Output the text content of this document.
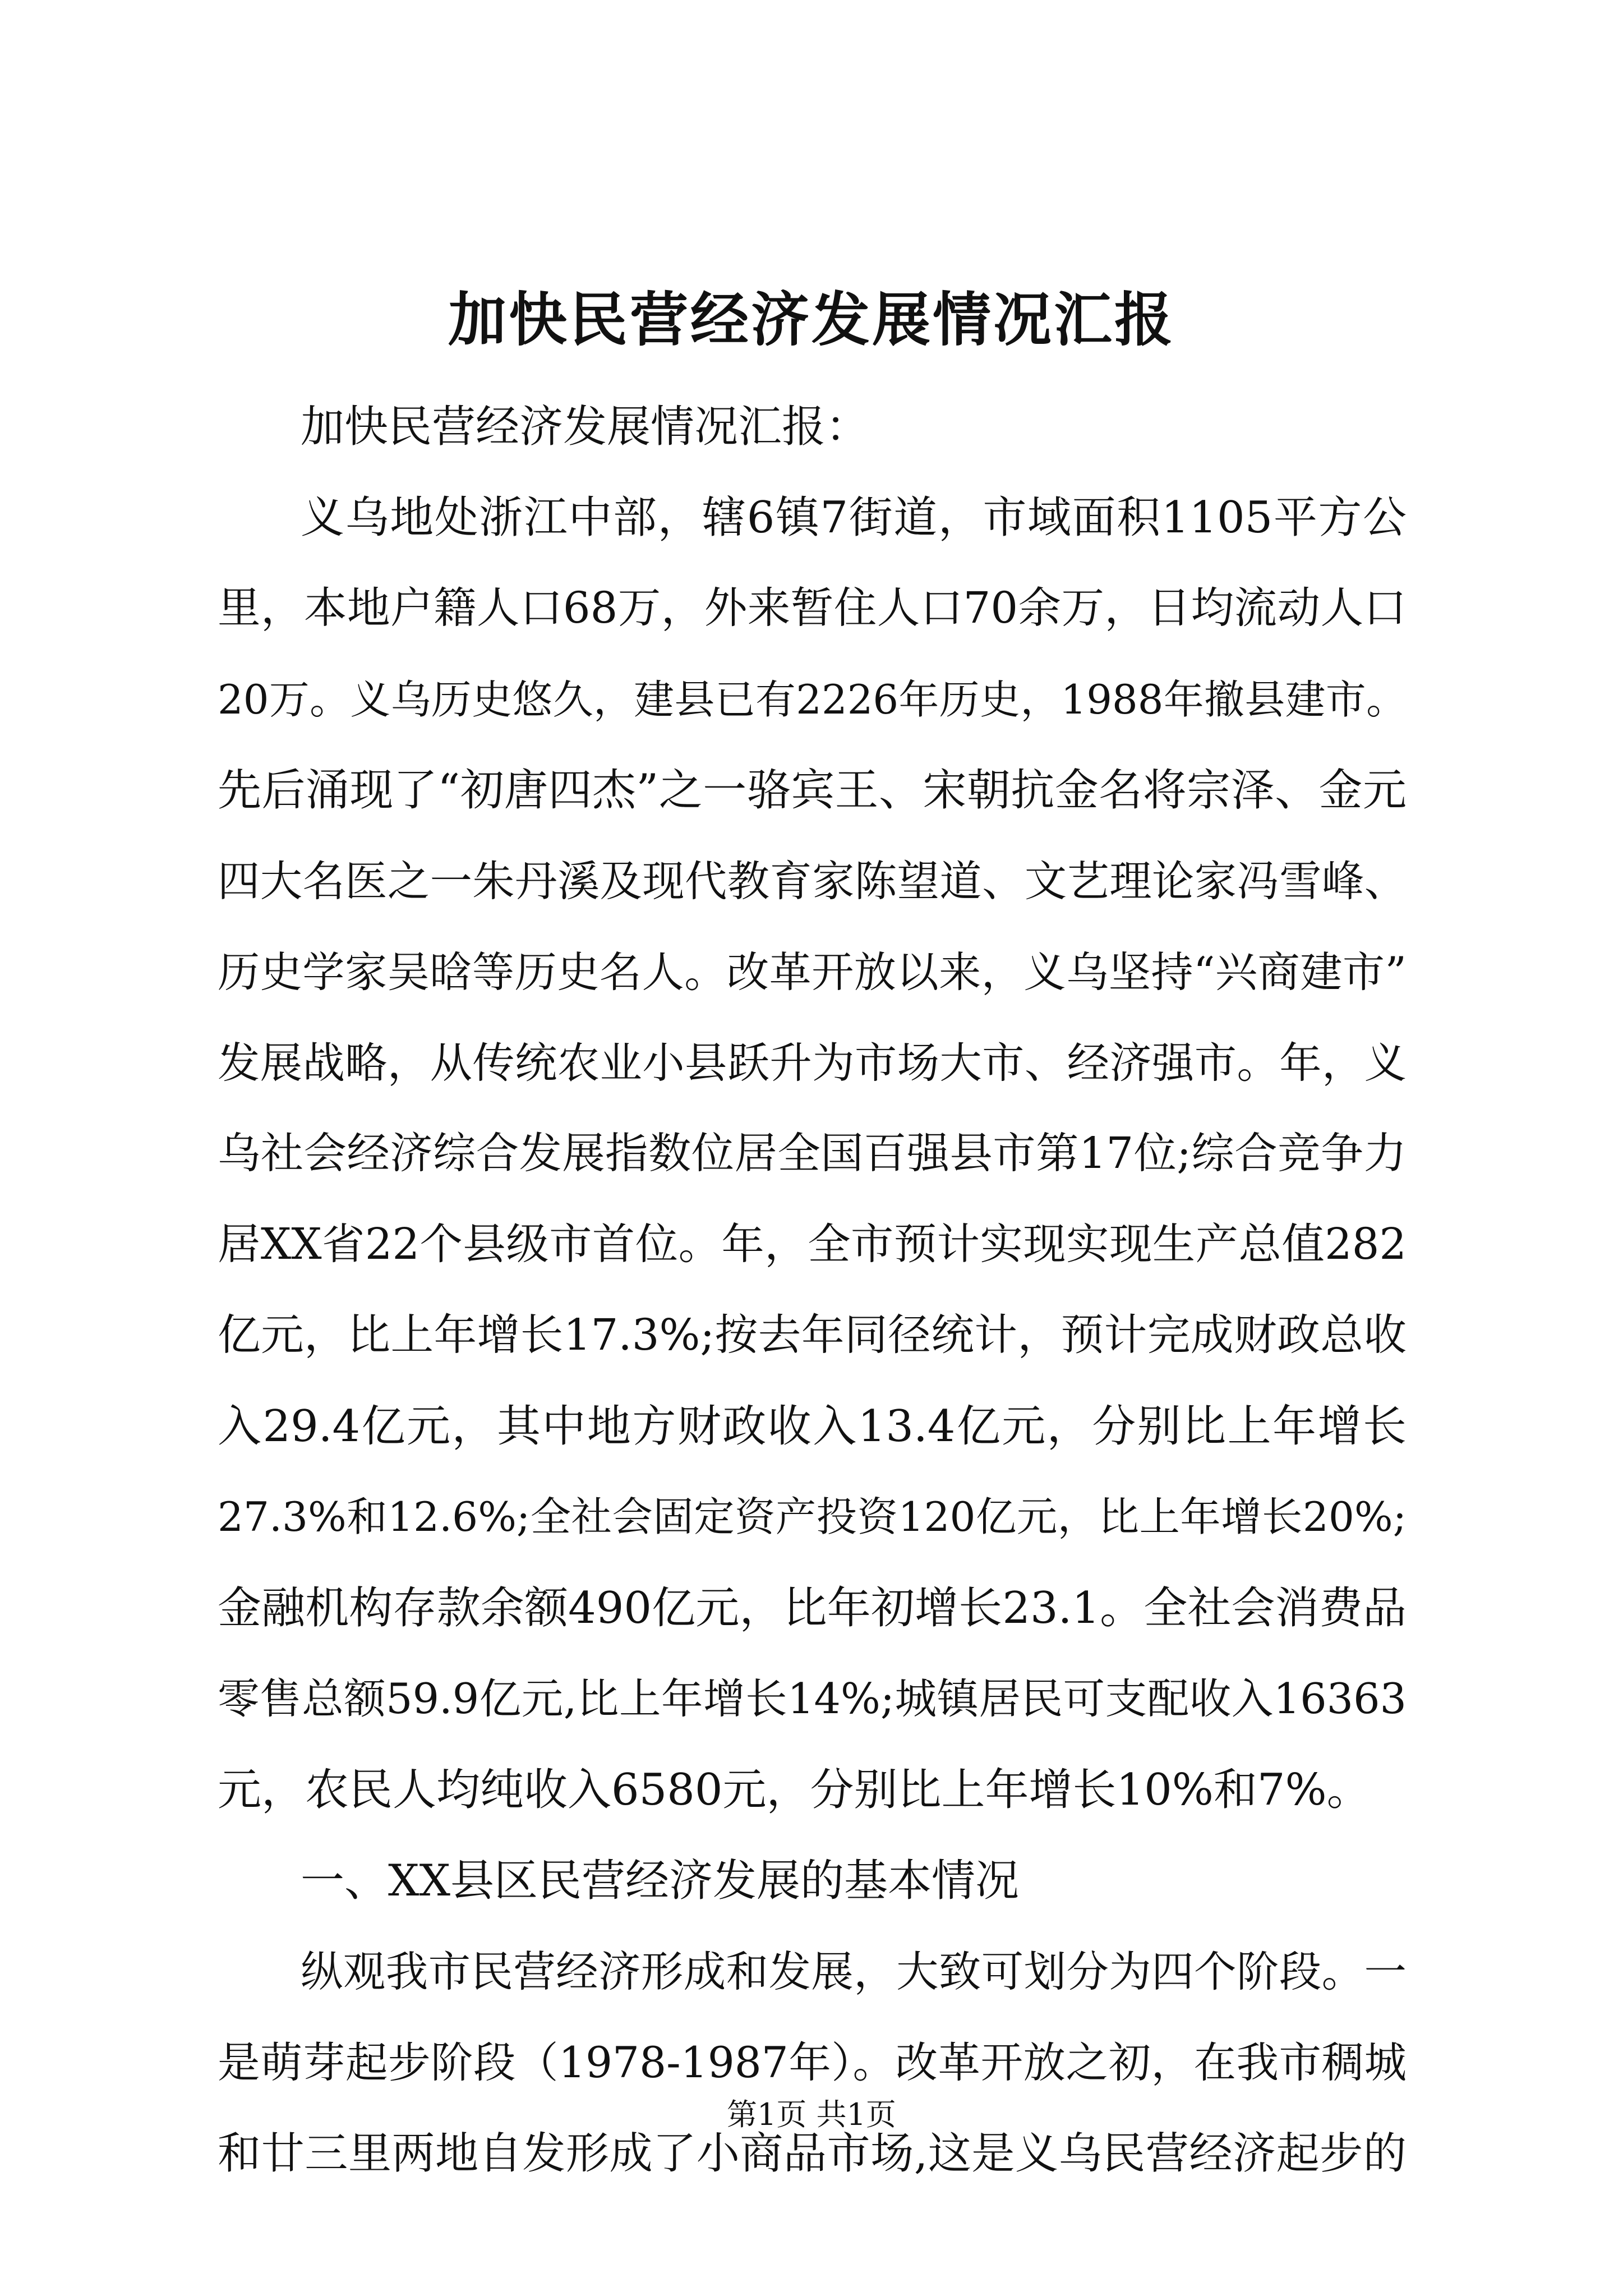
加快民营经济发展情况汇报
加快民营经济发展情况汇报：
义乌地处浙江中部，辖6镇7街道，市域面积1105平方公
里，本地户籍人口68万，外来暂住人口70余万，日均流动人口
20万。义乌历史悠久，建县已有2226年历史，1988年撤县建市。
先后涌现了“初唐四杰”之一骆宾王、宋朝抗金名将宗泽、金元
四大名医之一朱丹溪及现代教育家陈望道、文艺理论家冯雪峰、
历史学家吴晗等历史名人。改革开放以来，义乌坚持“兴商建市”
发展战略，从传统农业小县跃升为市场大市、经济强市。年，义
乌社会经济综合发展指数位居全国百强县市第17位;综合竞争力
居XX省22个县级市首位。年，全市预计实现实现生产总值282
亿元，比上年增长17.3%;按去年同径统计，预计完成财政总收
入29.4亿元，其中地方财政收入13.4亿元，分别比上年增长
27.3%和12.6%;全社会固定资产投资120亿元，比上年增长20%;
金融机构存款余额490亿元，比年初增长23.1。全社会消费品
零售总额59.9亿元,比上年增长14%;城镇居民可支配收入16363
元，农民人均纯收入6580元，分别比上年增长10%和7%。
一、XX县区民营经济发展的基本情况
纵观我市民营经济形成和发展，大致可划分为四个阶段。一
是萌芽起步阶段（1978-1987年）。改革开放之初，在我市稠城
和廿三里两地自发形成了小商品市场,这是义乌民营经济起步的
第1页 共1页
